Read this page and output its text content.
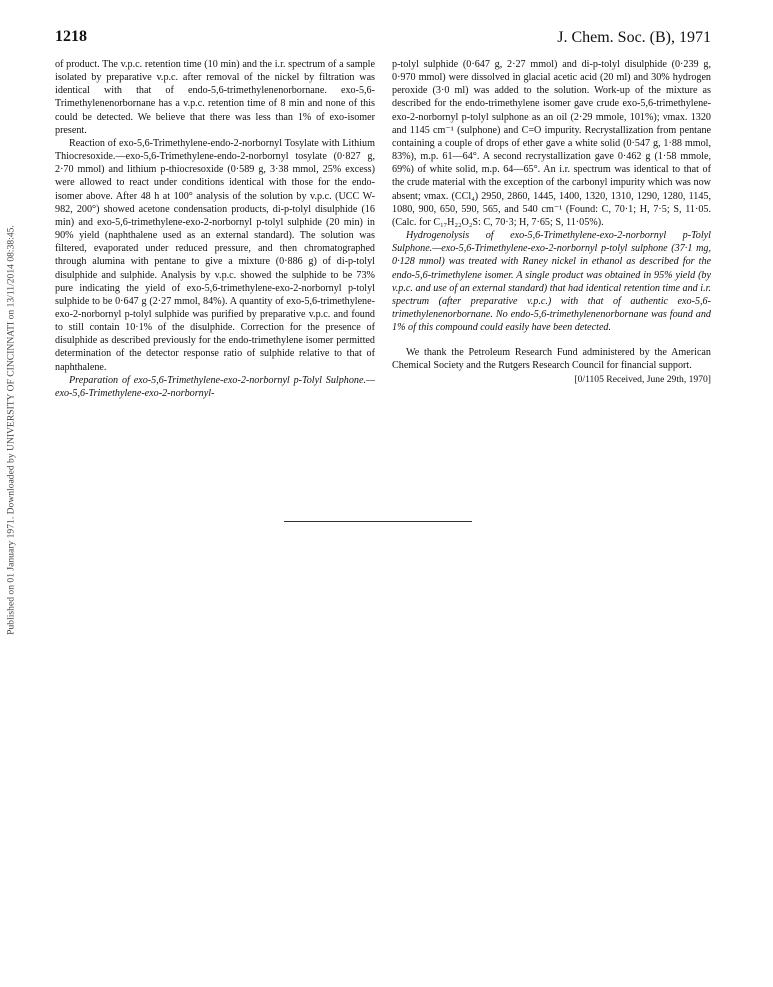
Published on 01 January 1971. Downloaded by UNIVERSITY OF CINCINNATI on 13/11/2014 08:38:45.
1218	J. Chem. Soc. (B), 1971

of product. The v.p.c. retention time (10 min) and the i.r. spectrum of a sample isolated by preparative v.p.c. after removal of the nickel by filtration was identical with that of endo-5,6-trimethylenenorbornane. exo-5,6-Trimethylenenorbornane has a v.p.c. retention time of 8 min and none of this could be detected. We believe that there was less than 1% of exo-isomer present.

Reaction of exo-5,6-Trimethylene-endo-2-norbornyl Tosylate with Lithium Thiocresoxide.—exo-5,6-Trimethylene-endo-2-norbornyl tosylate (0·827 g, 2·70 mmol) and lithium p-thiocresoxide (0·589 g, 3·38 mmol, 25% excess) were allowed to react under conditions identical with those for the endo-isomer above. After 48 h at 100° analysis of the solution by v.p.c. (UCC W-982, 200°) showed acetone condensation products, di-p-tolyl disulphide (16 min) and exo-5,6-trimethylene-exo-2-norbornyl p-tolyl sulphide (20 min) in 90% yield (naphthalene used as an external standard). The solution was filtered, evaporated under reduced pressure, and then chromatographed through alumina with pentane to give a mixture (0·886 g) of di-p-tolyl disulphide and sulphide. Analysis by v.p.c. showed the sulphide to be 73% pure indicating the yield of exo-5,6-trimethylene-exo-2-norbornyl p-tolyl sulphide to be 0·647 g (2·27 mmol, 84%). A quantity of exo-5,6-trimethylene-exo-2-norbornyl p-tolyl sulphide was purified by preparative v.p.c. and found to still contain 10·1% of the disulphide. Correction for the presence of disulphide as described previously for the endo-trimethylene isomer permitted determination of the detector response ratio of sulphide relative to that of naphthalene.

Preparation of exo-5,6-Trimethylene-exo-2-norbornyl p-Tolyl Sulphone.—exo-5,6-Trimethylene-exo-2-norbornyl-

p-tolyl sulphide (0·647 g, 2·27 mmol) and di-p-tolyl disulphide (0·239 g, 0·970 mmol) were dissolved in glacial acetic acid (20 ml) and 30% hydrogen peroxide (3·0 ml) was added to the solution. Work-up of the mixture as described for the endo-trimethylene isomer gave crude exo-5,6-trimethylene-exo-2-norbornyl p-tolyl sulphone as an oil (2·29 mmole, 101%); νmax. 1320 and 1145 cm⁻¹ (sulphone) and C=O impurity. Recrystallization from pentane containing a couple of drops of ether gave a white solid (0·547 g, 1·88 mmol, 83%), m.p. 61—64°. A second recrystallization gave 0·462 g (1·58 mmole, 69%) of white solid, m.p. 64—65°. An i.r. spectrum was identical to that of the crude material with the exception of the carbonyl impurity which was now absent; νmax. (CCl₄) 2950, 2860, 1445, 1400, 1320, 1310, 1290, 1280, 1145, 1080, 900, 650, 590, 565, and 540 cm⁻¹ (Found: C, 70·1; H, 7·5; S, 11·05. (Calc. for C₁₇H₂₂O₂S: C, 70·3; H, 7·65; S, 11·05%).

Hydrogenolysis of exo-5,6-Trimethylene-exo-2-norbornyl p-Tolyl Sulphone.—exo-5,6-Trimethylene-exo-2-norbornyl p-tolyl sulphone (37·1 mg, 0·128 mmol) was treated with Raney nickel in ethanol as described for the endo-5,6-trimethylene isomer. A single product was obtained in 95% yield (by v.p.c. and use of an external standard) that had identical retention time and i.r. spectrum (after preparative v.p.c.) with that of authentic exo-5,6-trimethylenenorbornane. No endo-5,6-trimethylenenorbornane was found and 1% of this compound could easily have been detected.

We thank the Petroleum Research Fund administered by the American Chemical Society and the Rutgers Research Council for financial support.

[0/1105 Received, June 29th, 1970]
